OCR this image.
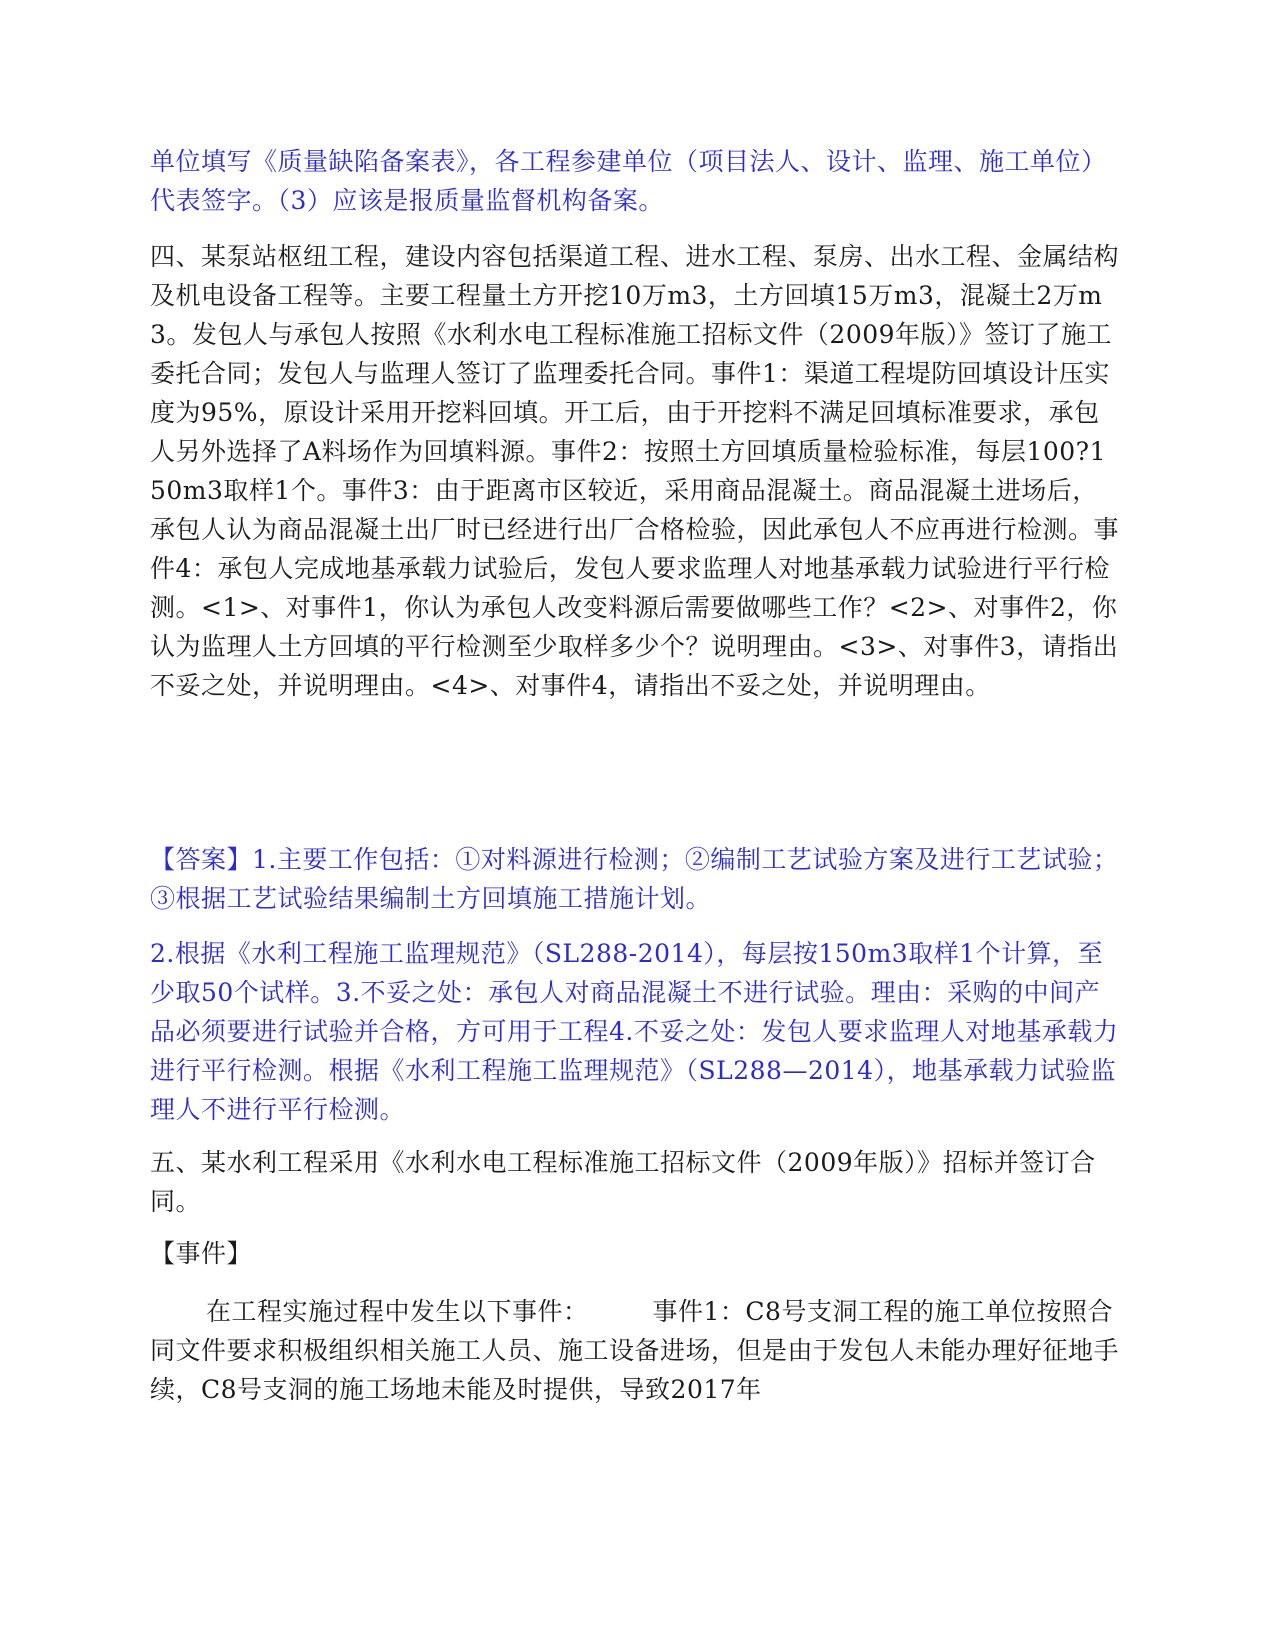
单位填写《质量缺陷备案表》，各工程参建单位（项目法人、设计、监理、施工单位）代表签字。（3）应该是报质量监督机构备案。

四、某泵站枢纽工程，建设内容包括渠道工程、进水工程、泵房、出水工程、金属结构及机电设备工程等。主要工程量土方开挖10万m3，土方回填15万m3，混凝土2万m3。发包人与承包人按照《水利水电工程标准施工招标文件（2009年版）》签订了施工委托合同；发包人与监理人签订了监理委托合同。事件1：渠道工程堤防回填设计压实度为95%，原设计采用开挖料回填。开工后，由于开挖料不满足回填标准要求，承包人另外选择了A料场作为回填料源。事件2：按照土方回填质量检验标准，每层100?150m3取样1个。事件3：由于距离市区较近，采用商品混凝土。商品混凝土进场后，承包人认为商品混凝土出厂时已经进行出厂合格检验，因此承包人不应再进行检测。事件4：承包人完成地基承载力试验后，发包人要求监理人对地基承载力试验进行平行检测。<1>、对事件1，你认为承包人改变料源后需要做哪些工作？<2>、对事件2，你认为监理人土方回填的平行检测至少取样多少个？说明理由。<3>、对事件3，请指出不妥之处，并说明理由。<4>、对事件4，请指出不妥之处，并说明理由。

【答案】1.主要工作包括：①对料源进行检测；②编制工艺试验方案及进行工艺试验；③根据工艺试验结果编制土方回填施工措施计划。

2.根据《水利工程施工监理规范》（SL288-2014），每层按150m3取样1个计算，至少取50个试样。3.不妥之处：承包人对商品混凝土不进行试验。理由：采购的中间产品必须要进行试验并合格，方可用于工程4.不妥之处：发包人要求监理人对地基承载力进行平行检测。根据《水利工程施工监理规范》（SL288—2014），地基承载力试验监理人不进行平行检测。

五、某水利工程采用《水利水电工程标准施工招标文件（2009年版）》招标并签订合同。

【事件】

在工程实施过程中发生以下事件：　　　事件1：C8号支洞工程的施工单位按照合同文件要求积极组织相关施工人员、施工设备进场，但是由于发包人未能办理好征地手续，C8号支洞的施工场地未能及时提供，导致2017年
